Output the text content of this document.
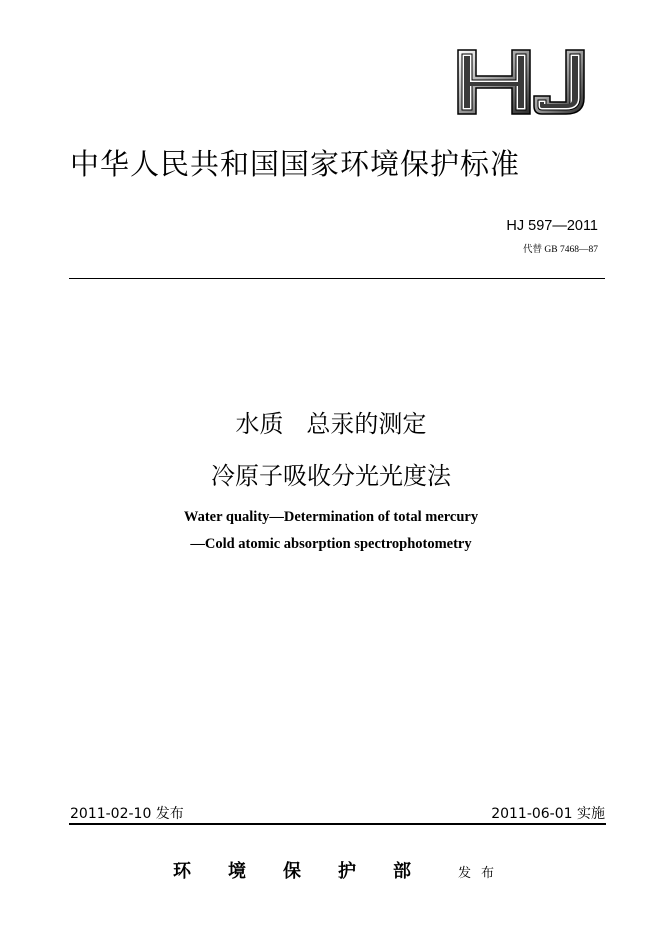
中华人民共和国国家环境保护标准
HJ 597—2011
代替 GB 7468—87
水质   总汞的测定
冷原子吸收分光光度法
Water quality—Determination of total mercury
—Cold atomic absorption spectrophotometry
2011-02-10 发布	2011-06-01 实施
环境保护部 发布
